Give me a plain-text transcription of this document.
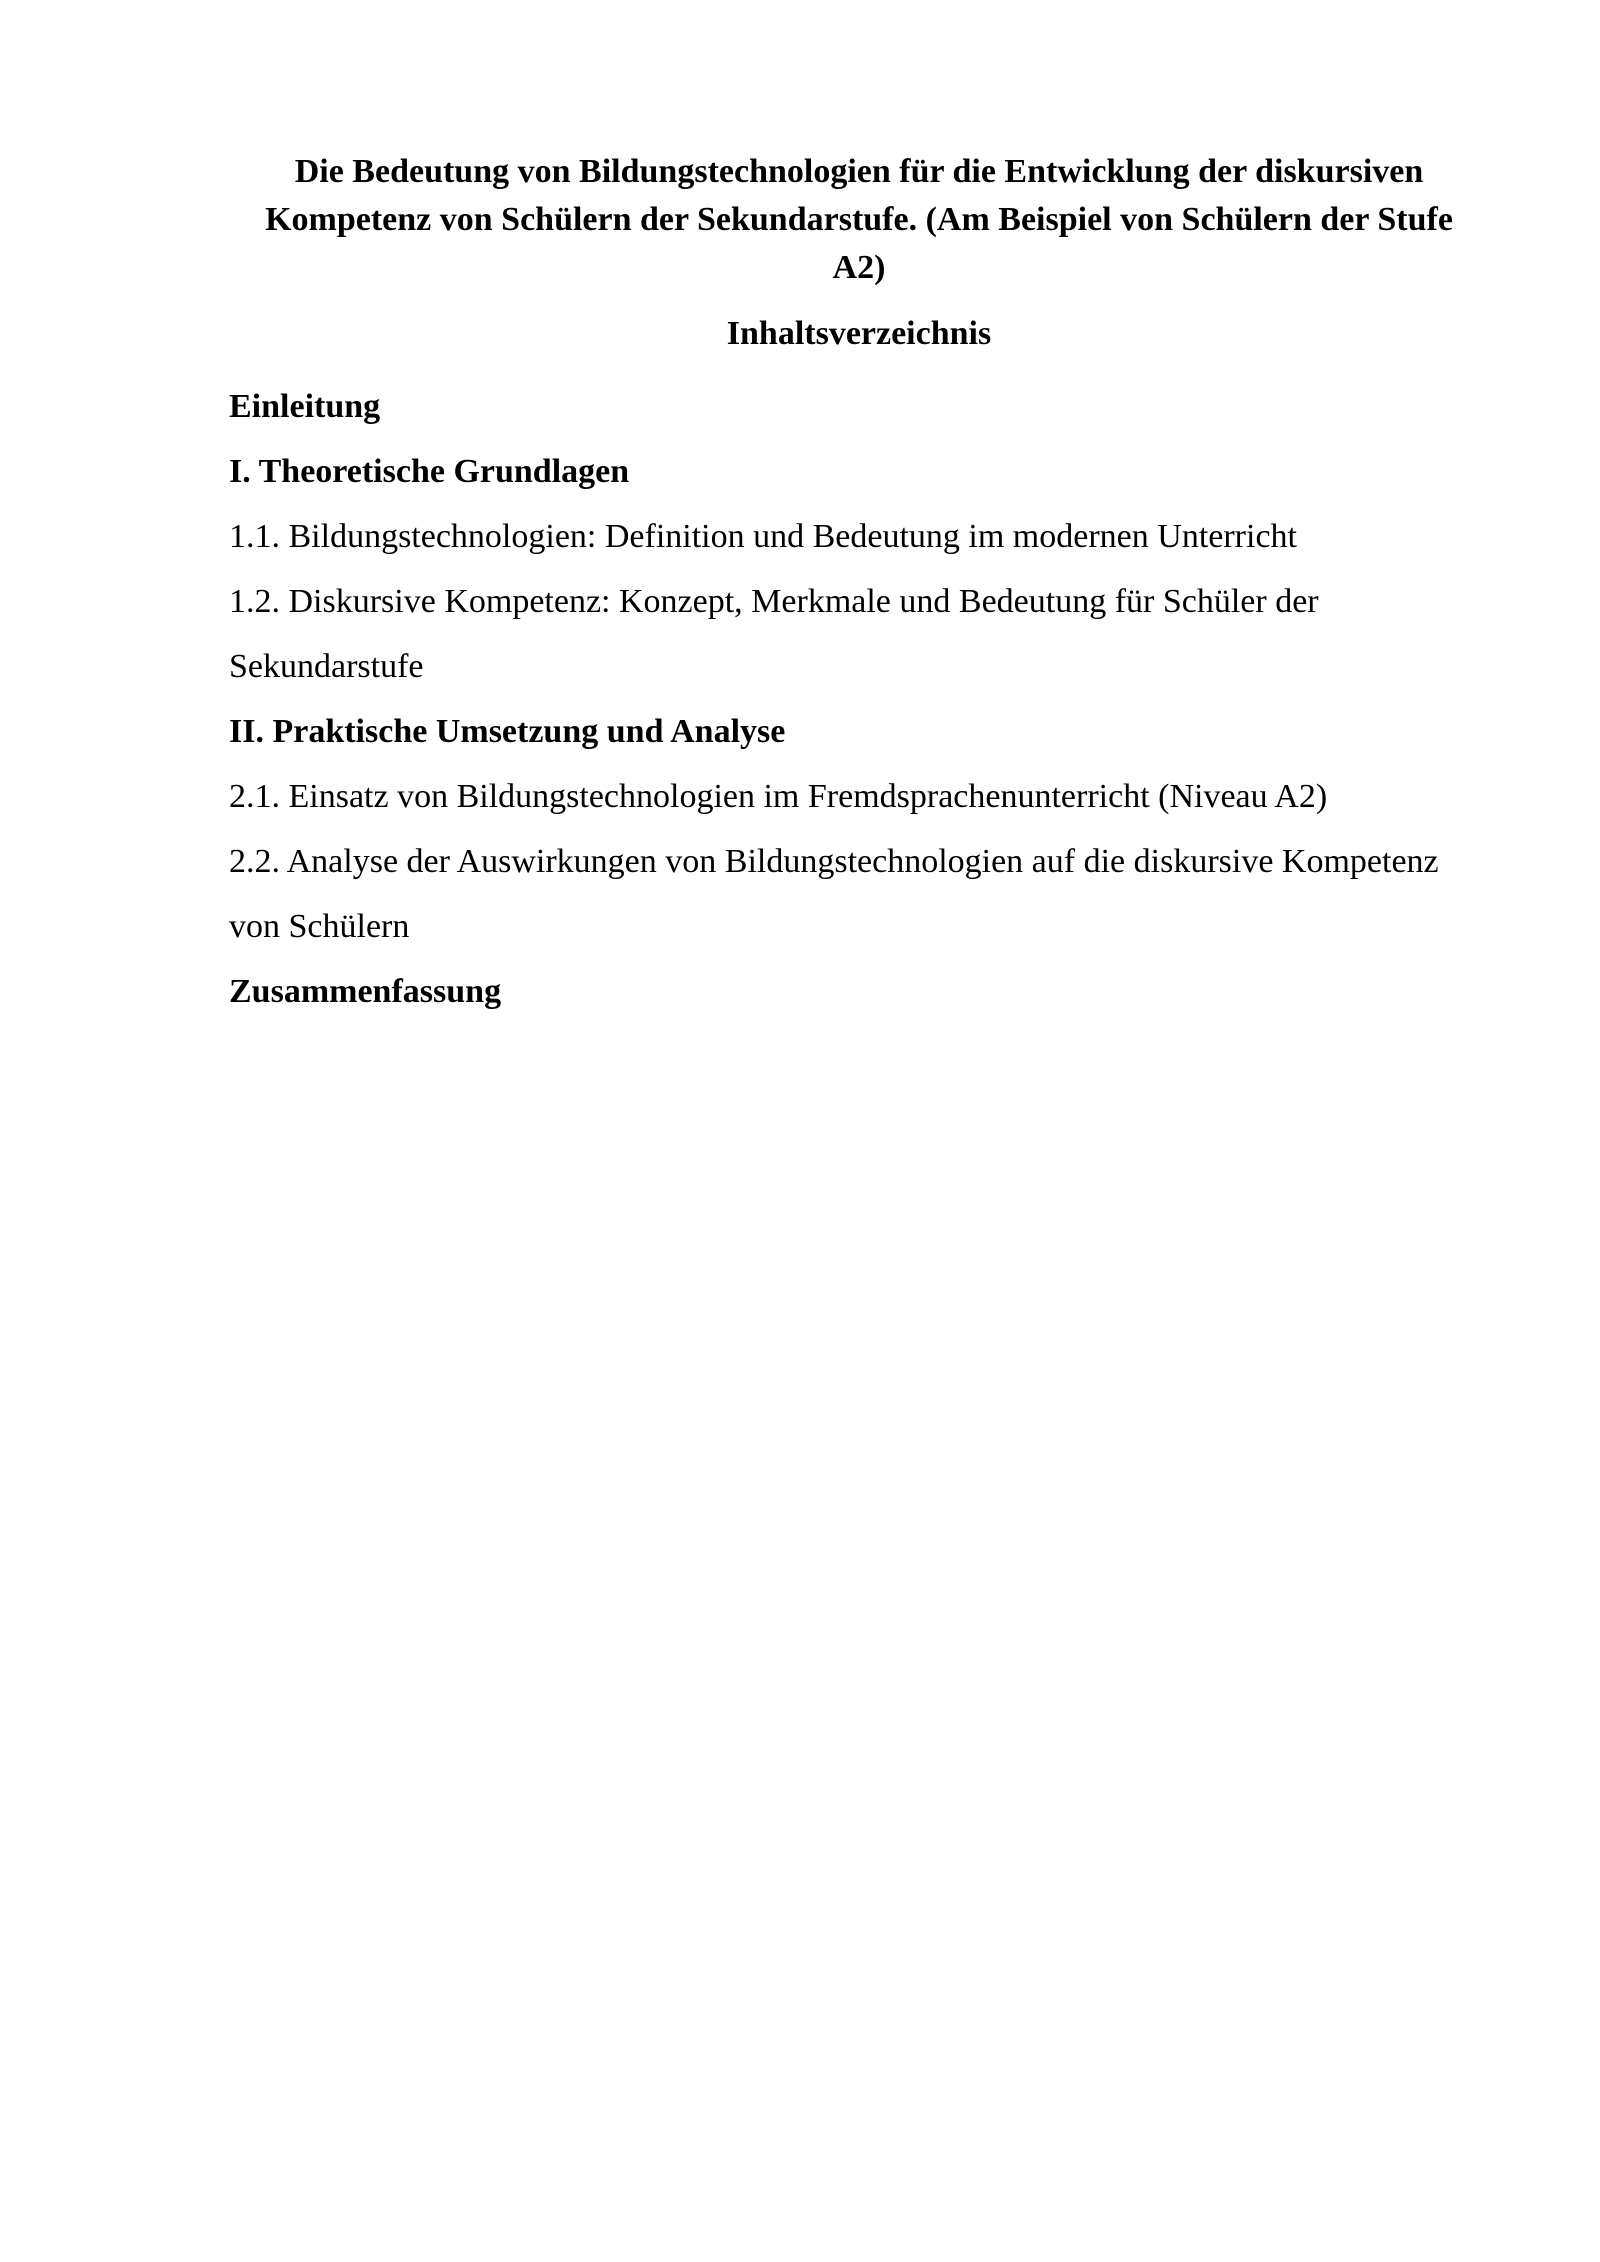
Die Bedeutung von Bildungstechnologien für die Entwicklung der diskursiven Kompetenz von Schülern der Sekundarstufe. (Am Beispiel von Schülern der Stufe A2)
Inhaltsverzeichnis
Einleitung
I. Theoretische Grundlagen
1.1. Bildungstechnologien: Definition und Bedeutung im modernen Unterricht
1.2. Diskursive Kompetenz: Konzept, Merkmale und Bedeutung für Schüler der Sekundarstufe
II. Praktische Umsetzung und Analyse
2.1. Einsatz von Bildungstechnologien im Fremdsprachenunterricht (Niveau A2)
2.2. Analyse der Auswirkungen von Bildungstechnologien auf die diskursive Kompetenz von Schülern
Zusammenfassung
